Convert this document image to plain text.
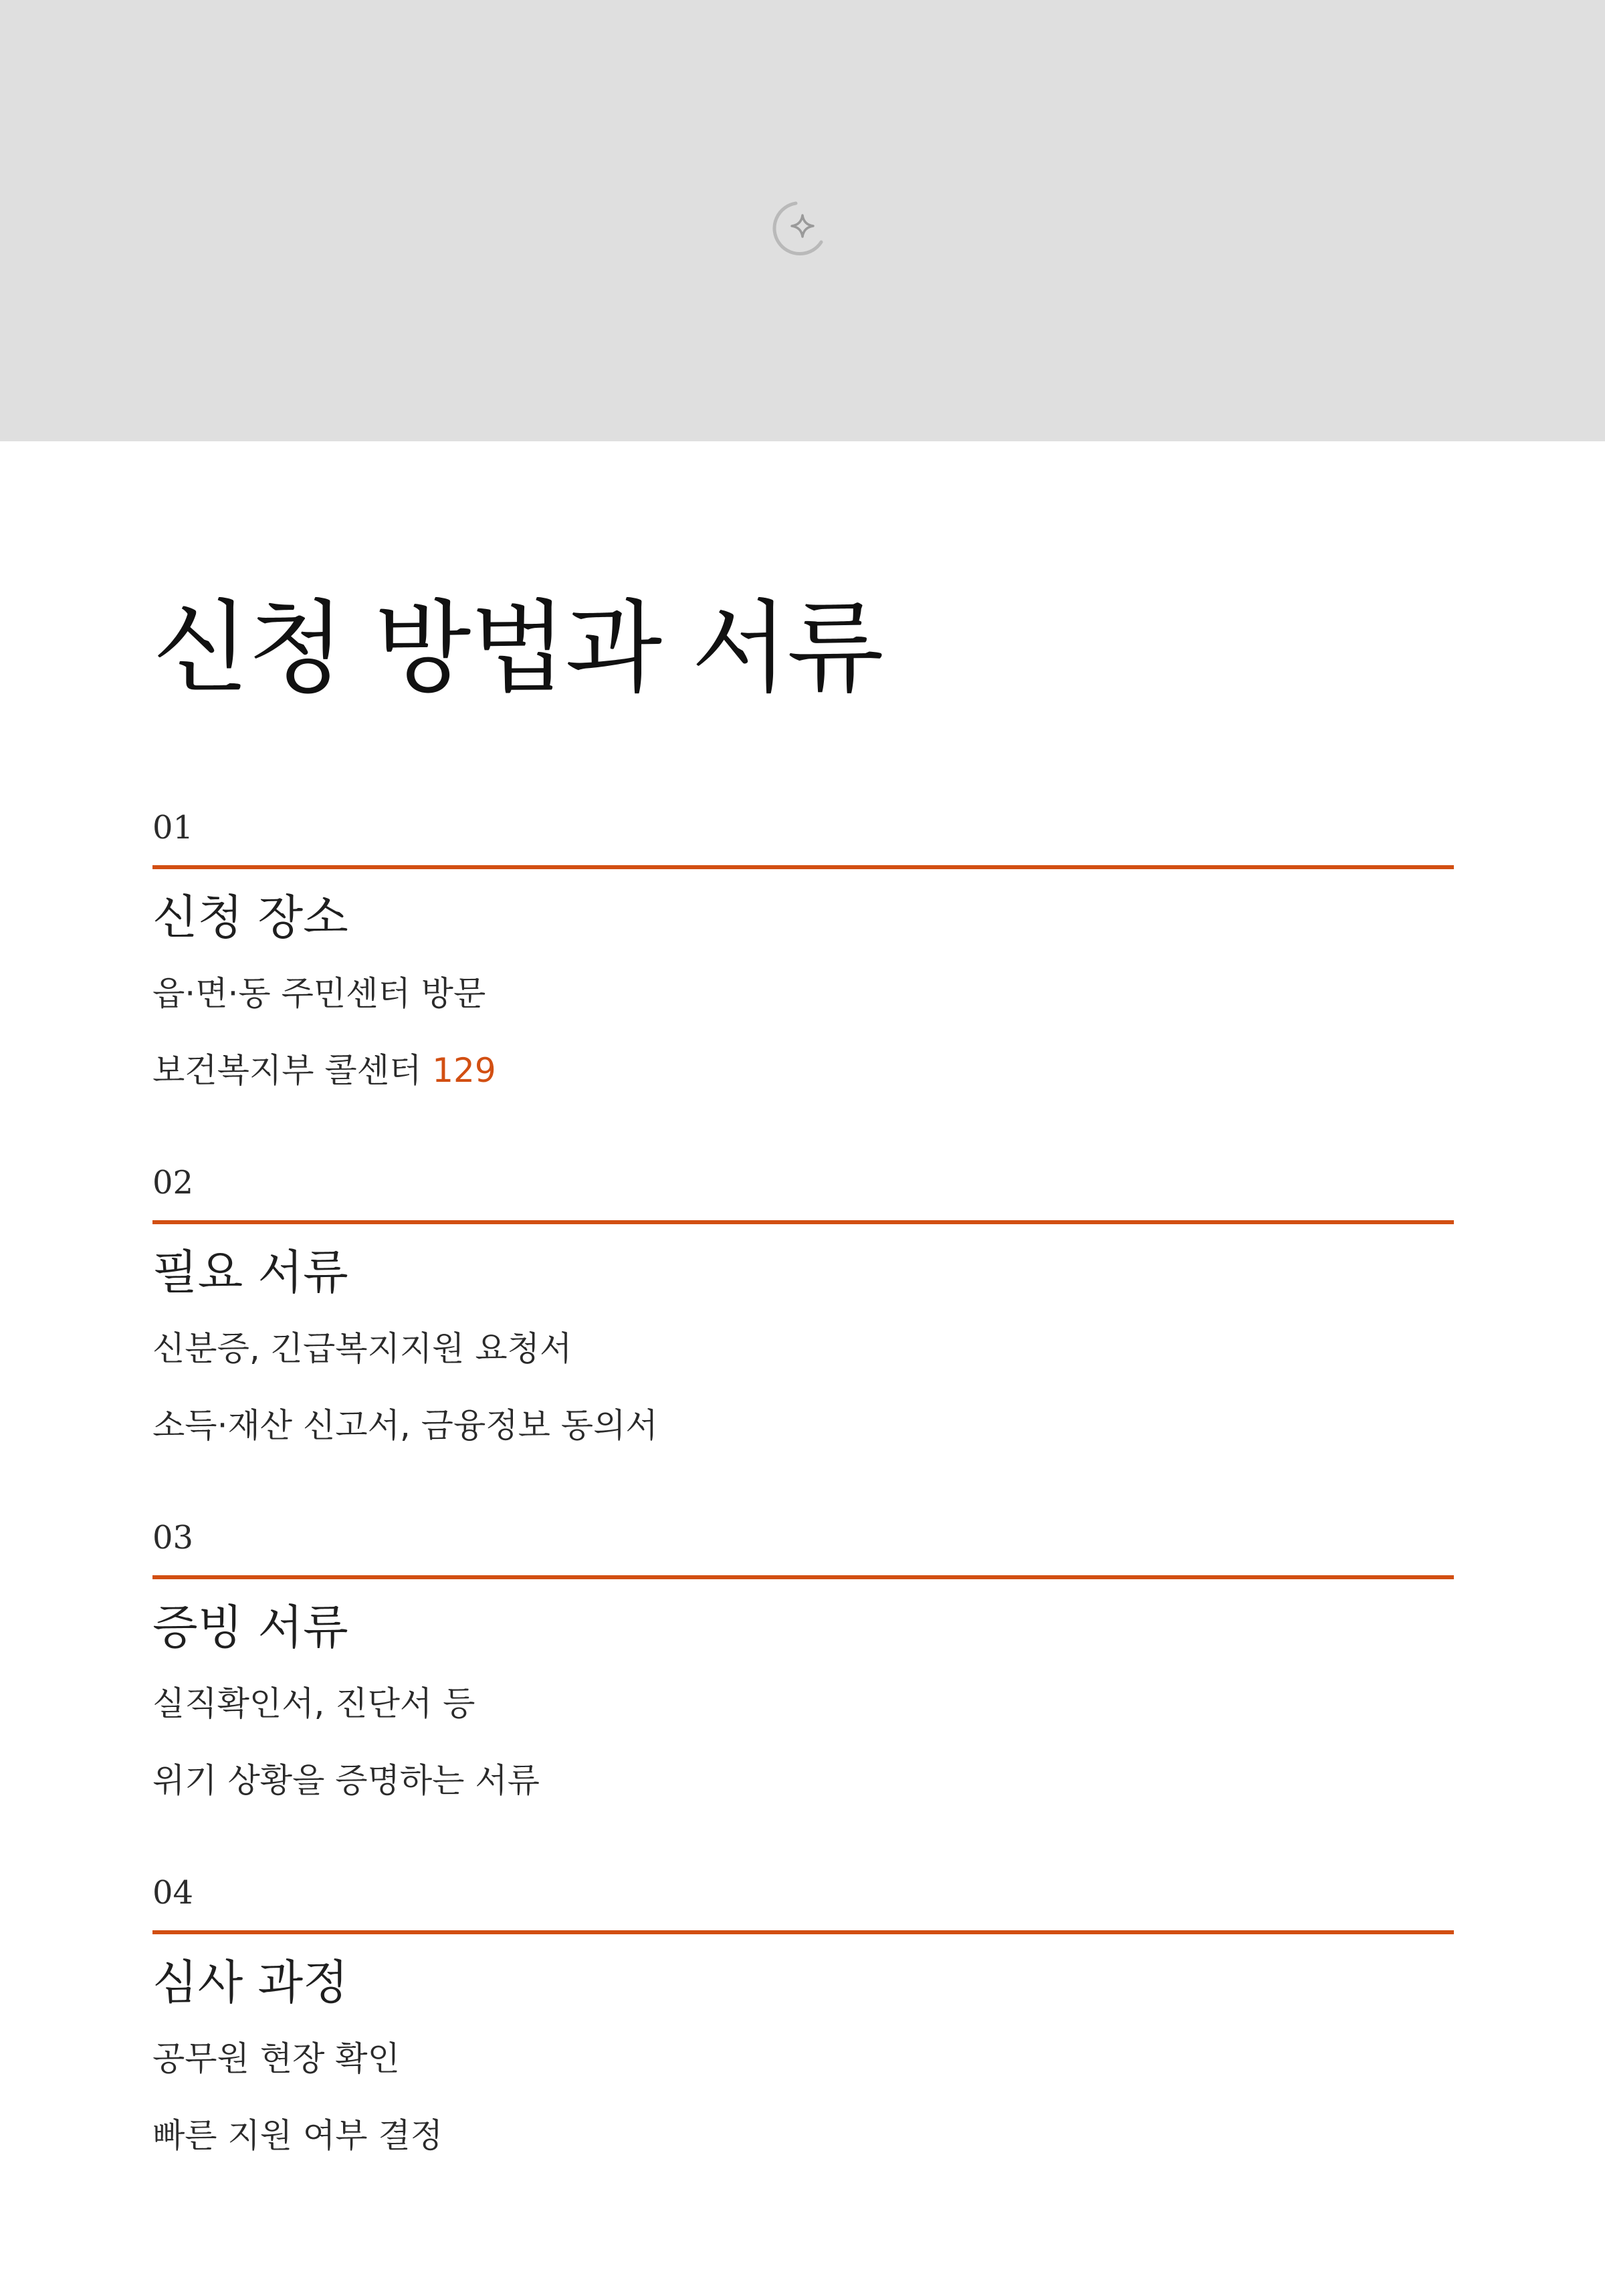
신청 방법과 서류
01
신청 장소
읍·면·동 주민센터 방문
보건복지부 콜센터 129
02
필요 서류
신분증, 긴급복지지원 요청서
소득·재산 신고서, 금융정보 동의서
03
증빙 서류
실직확인서, 진단서 등
위기 상황을 증명하는 서류
04
심사 과정
공무원 현장 확인
빠른 지원 여부 결정
